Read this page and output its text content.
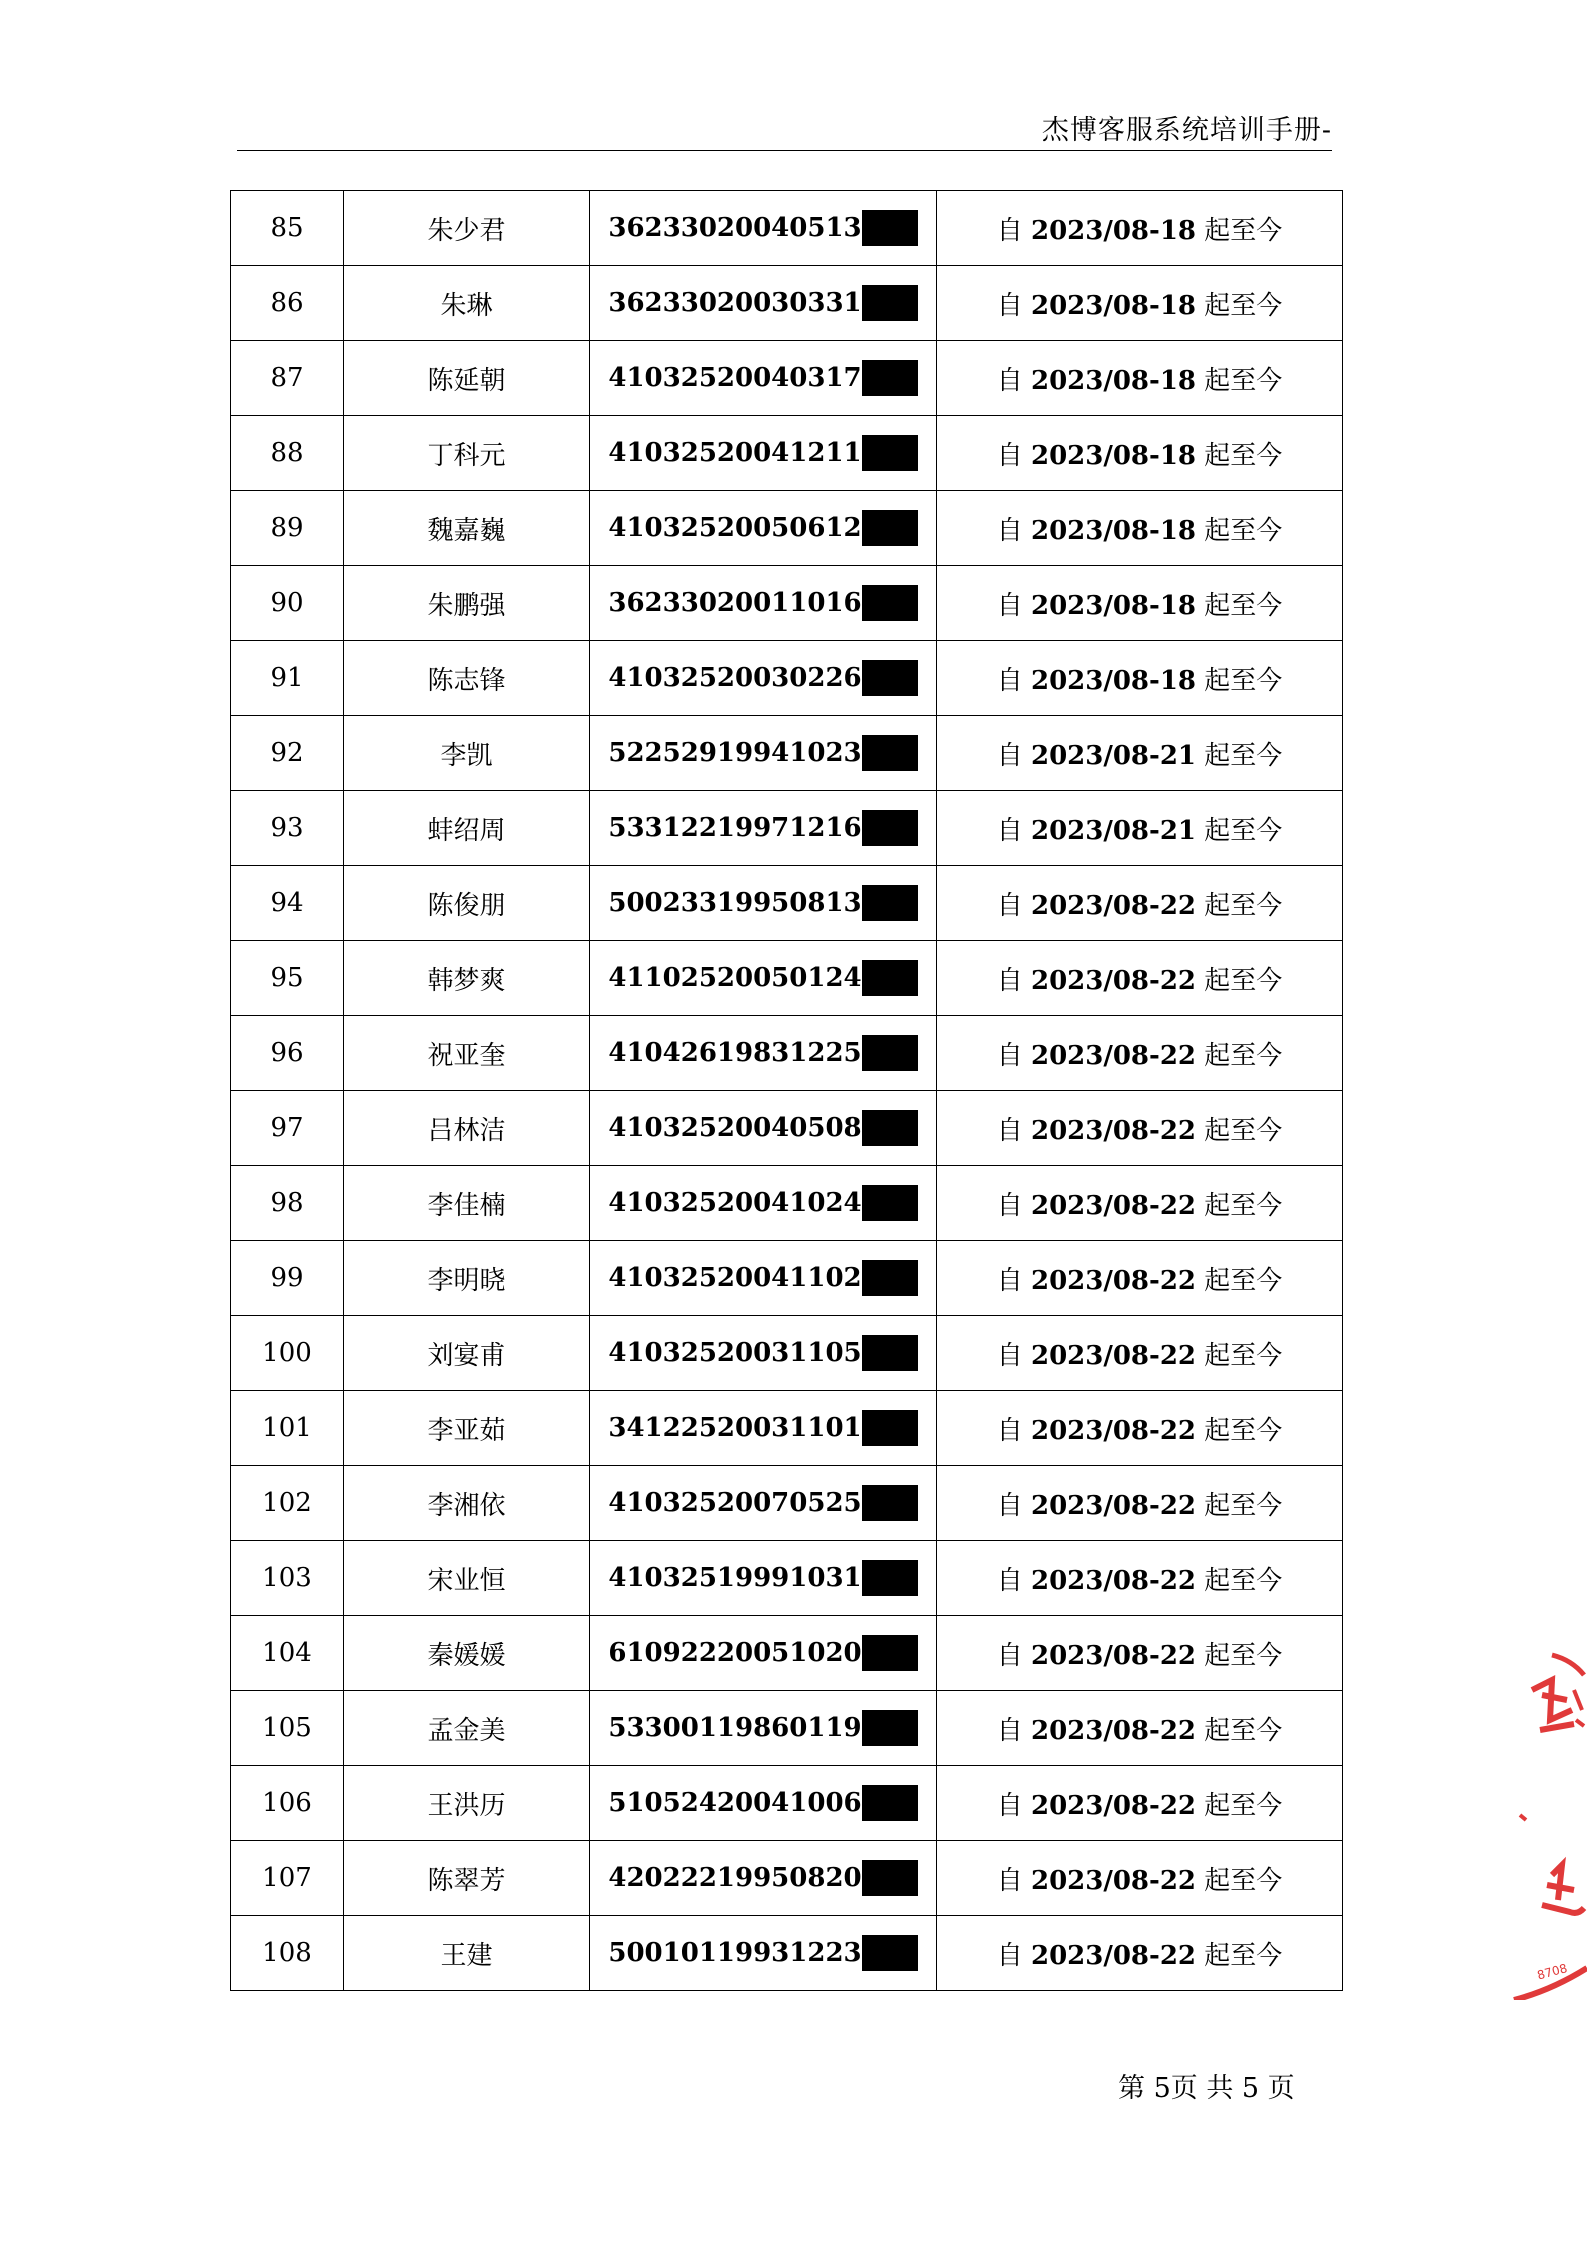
杰博客服系统培训手册-
85	朱少君	36233020040513	自 2023/08-18 起至今
86	朱琳	36233020030331	自 2023/08-18 起至今
87	陈延朝	41032520040317	自 2023/08-18 起至今
88	丁科元	41032520041211	自 2023/08-18 起至今
89	魏嘉巍	41032520050612	自 2023/08-18 起至今
90	朱鹏强	36233020011016	自 2023/08-18 起至今
91	陈志锋	41032520030226	自 2023/08-18 起至今
92	李凯	52252919941023	自 2023/08-21 起至今
93	蚌绍周	53312219971216	自 2023/08-21 起至今
94	陈俊朋	50023319950813	自 2023/08-22 起至今
95	韩梦爽	41102520050124	自 2023/08-22 起至今
96	祝亚奎	41042619831225	自 2023/08-22 起至今
97	吕林洁	41032520040508	自 2023/08-22 起至今
98	李佳楠	41032520041024	自 2023/08-22 起至今
99	李明晓	41032520041102	自 2023/08-22 起至今
100	刘宴甫	41032520031105	自 2023/08-22 起至今
101	李亚茹	34122520031101	自 2023/08-22 起至今
102	李湘依	41032520070525	自 2023/08-22 起至今
103	宋业恒	41032519991031	自 2023/08-22 起至今
104	秦媛媛	61092220051020	自 2023/08-22 起至今
105	孟金美	53300119860119	自 2023/08-22 起至今
106	王洪历	51052420041006	自 2023/08-22 起至今
107	陈翠芳	42022219950820	自 2023/08-22 起至今
108	王建	50010119931223	自 2023/08-22 起至今
第 5页 共 5 页
8708
